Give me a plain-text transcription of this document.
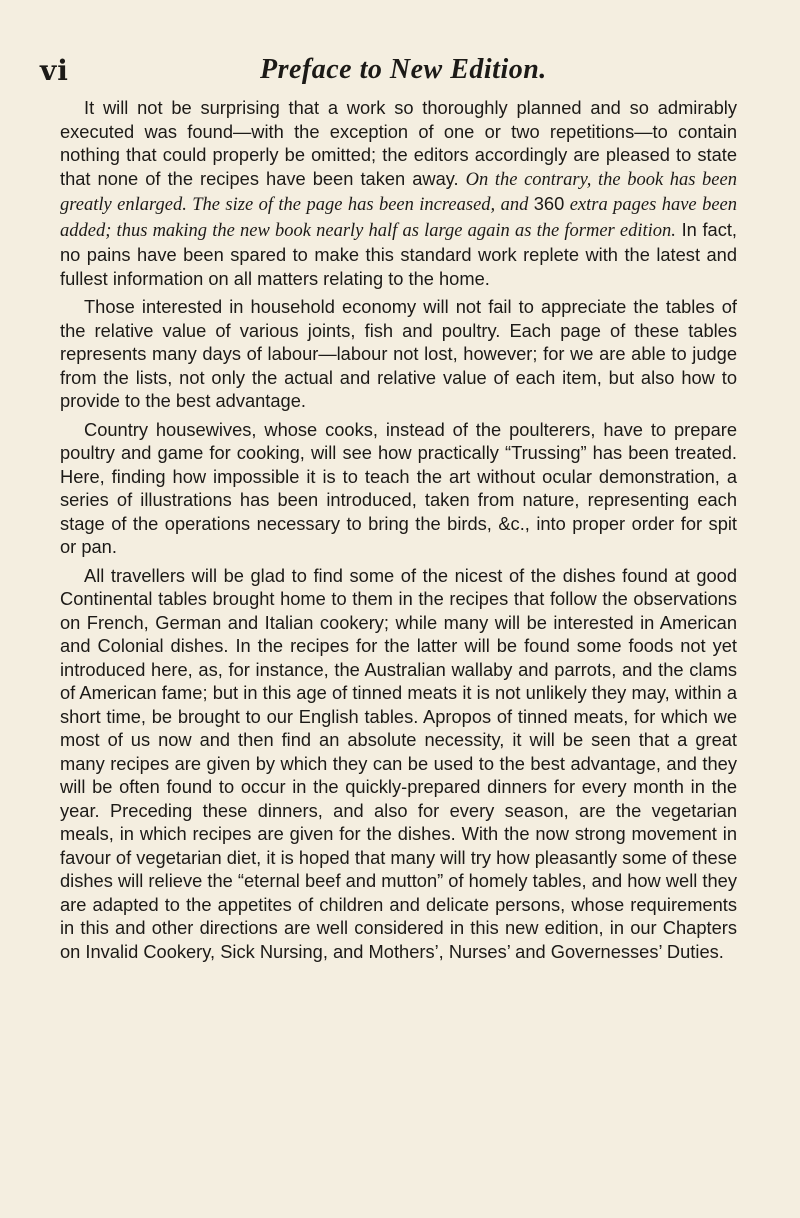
vi	Preface to New Edition.

It will not be surprising that a work so thoroughly planned and so admirably executed was found—with the exception of one or two repetitions—to contain nothing that could properly be omitted; the editors accordingly are pleased to state that none of the recipes have been taken away. On the contrary, the book has been greatly enlarged. The size of the page has been increased, and 360 extra pages have been added; thus making the new book nearly half as large again as the former edition. In fact, no pains have been spared to make this standard work replete with the latest and fullest information on all matters relating to the home.

Those interested in household economy will not fail to appreciate the tables of the relative value of various joints, fish and poultry. Each page of these tables represents many days of labour—labour not lost, however; for we are able to judge from the lists, not only the actual and relative value of each item, but also how to provide to the best advantage.

Country housewives, whose cooks, instead of the poulterers, have to prepare poultry and game for cooking, will see how practically “Trussing” has been treated. Here, finding how impossible it is to teach the art without ocular demonstration, a series of illustrations has been introduced, taken from nature, representing each stage of the operations necessary to bring the birds, &c., into proper order for spit or pan.

All travellers will be glad to find some of the nicest of the dishes found at good Continental tables brought home to them in the recipes that follow the observations on French, German and Italian cookery; while many will be interested in American and Colonial dishes. In the recipes for the latter will be found some foods not yet introduced here, as, for instance, the Australian wallaby and parrots, and the clams of American fame; but in this age of tinned meats it is not unlikely they may, within a short time, be brought to our English tables. Apropos of tinned meats, for which we most of us now and then find an absolute necessity, it will be seen that a great many recipes are given by which they can be used to the best advantage, and they will be often found to occur in the quickly-prepared dinners for every month in the year. Preceding these dinners, and also for every season, are the vegetarian meals, in which recipes are given for the dishes. With the now strong movement in favour of vegetarian diet, it is hoped that many will try how pleasantly some of these dishes will relieve the “eternal beef and mutton” of homely tables, and how well they are adapted to the appetites of children and delicate persons, whose requirements in this and other directions are well considered in this new edition, in our Chapters on Invalid Cookery, Sick Nursing, and Mothers’, Nurses’ and Governesses’ Duties.
